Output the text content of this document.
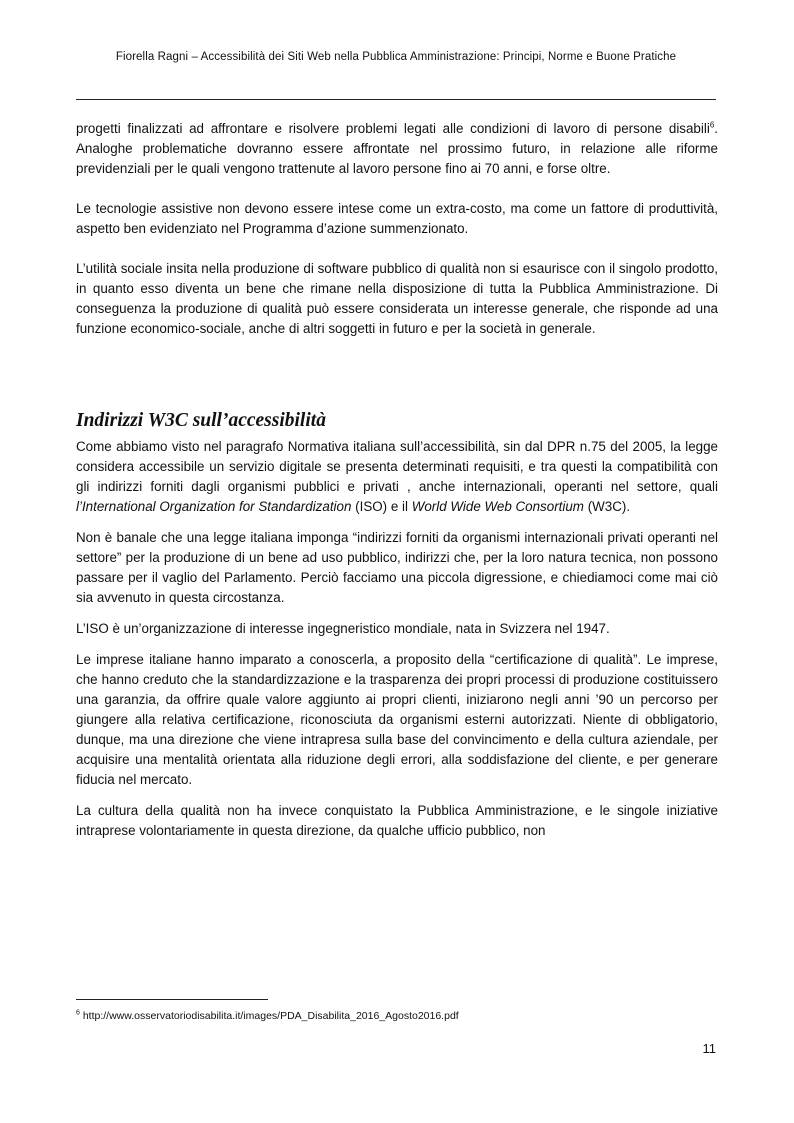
Fiorella Ragni – Accessibilità dei Siti Web nella Pubblica Amministrazione: Principi, Norme e Buone Pratiche

progetti finalizzati ad affrontare e risolvere problemi legati alle condizioni di lavoro di persone disabili$^6$. Analoghe problematiche dovranno essere affrontate nel prossimo futuro, in relazione alle riforme previdenziali per le quali vengono trattenute al lavoro persone fino ai 70 anni, e forse oltre.

Le tecnologie assistive non devono essere intese come un extra-costo, ma come un fattore di produttività, aspetto ben evidenziato nel Programma d’azione summenzionato.

L’utilità sociale insita nella produzione di software pubblico di qualità non si esaurisce con il singolo prodotto, in quanto esso diventa un bene che rimane nella disposizione di tutta la Pubblica Amministrazione. Di conseguenza la produzione di qualità può essere considerata un interesse generale, che risponde ad una funzione economico-sociale, anche di altri soggetti in futuro e per la società in generale.

Indirizzi W3C sull’accessibilità

Come abbiamo visto nel paragrafo Normativa italiana sull’accessibilità, sin dal DPR n.75 del 2005, la legge considera accessibile un servizio digitale se presenta determinati requisiti, e tra questi la compatibilità con gli indirizzi forniti dagli organismi pubblici e privati , anche internazionali, operanti nel settore, quali l’International Organization for Standardization (ISO) e il World Wide Web Consortium (W3C).

Non è banale che una legge italiana imponga “indirizzi forniti da organismi internazionali privati operanti nel settore” per la produzione di un bene ad uso pubblico, indirizzi che, per la loro natura tecnica, non possono passare per il vaglio del Parlamento. Perciò facciamo una piccola digressione, e chiediamoci come mai ciò sia avvenuto in questa circostanza.

L’ISO è un’organizzazione di interesse ingegneristico mondiale, nata in Svizzera nel 1947.

Le imprese italiane hanno imparato a conoscerla, a proposito della “certificazione di qualità”. Le imprese, che hanno creduto che la standardizzazione e la trasparenza dei propri processi di produzione costituissero una garanzia, da offrire quale valore aggiunto ai propri clienti, iniziarono negli anni ’90 un percorso per giungere alla relativa certificazione, riconosciuta da organismi esterni autorizzati. Niente di obbligatorio, dunque, ma una direzione che viene intrapresa sulla base del convincimento e della cultura aziendale, per acquisire una mentalità orientata alla riduzione degli errori, alla soddisfazione del cliente, e per generare fiducia nel mercato.

La cultura della qualità non ha invece conquistato la Pubblica Amministrazione, e le singole iniziative intraprese volontariamente in questa direzione, da qualche ufficio pubblico, non

$^6$ http://www.osservatoriodisabilita.it/images/PDA_Disabilita_2016_Agosto2016.pdf
11
